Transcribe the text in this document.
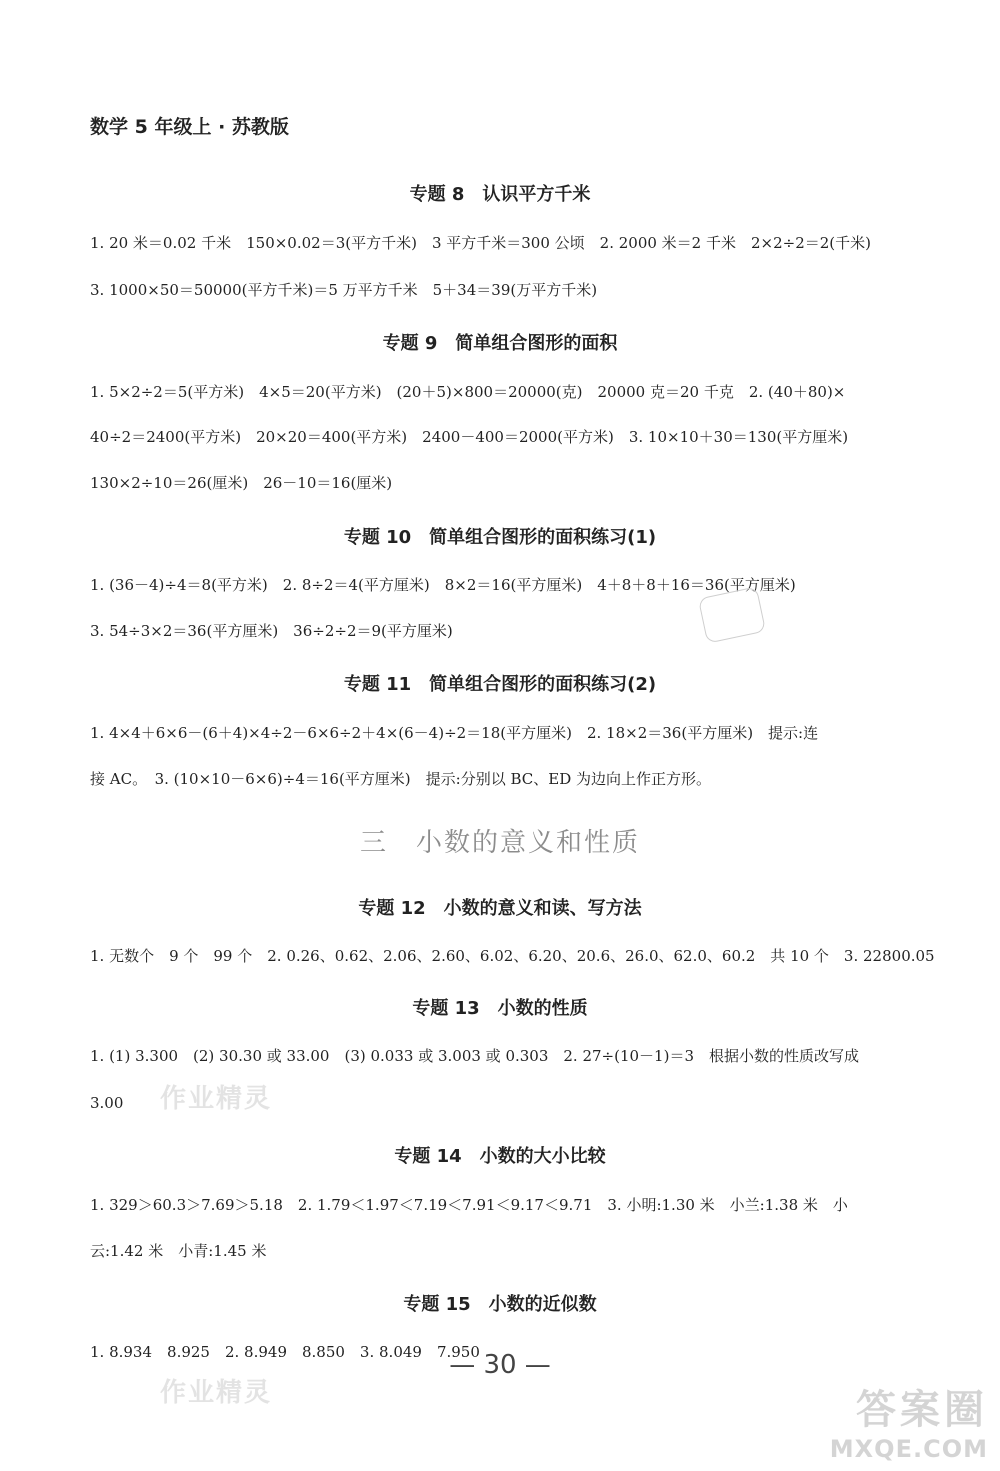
数学 5 年级上 · 苏教版
专题 8　认识平方千米
1. 20 米＝0.02 千米　150×0.02＝3(平方千米)　3 平方千米＝300 公顷　2. 2000 米＝2 千米　2×2÷2＝2(千米)
3. 1000×50＝50000(平方千米)＝5 万平方千米　5＋34＝39(万平方千米)
专题 9　简单组合图形的面积
1. 5×2÷2＝5(平方米)　4×5＝20(平方米)　(20＋5)×800＝20000(克)　20000 克＝20 千克　2. (40＋80)×
40÷2＝2400(平方米)　20×20＝400(平方米)　2400－400＝2000(平方米)　3. 10×10＋30＝130(平方厘米)
130×2÷10＝26(厘米)　26－10＝16(厘米)
专题 10　简单组合图形的面积练习(1)
1. (36－4)÷4＝8(平方米)　2. 8÷2＝4(平方厘米)　8×2＝16(平方厘米)　4＋8＋8＋16＝36(平方厘米)
3. 54÷3×2＝36(平方厘米)　36÷2÷2＝9(平方厘米)
专题 11　简单组合图形的面积练习(2)
1. 4×4＋6×6－(6＋4)×4÷2－6×6÷2＋4×(6－4)÷2＝18(平方厘米)　2. 18×2＝36(平方厘米)　提示:连
接 AC。　3. (10×10－6×6)÷4＝16(平方厘米)　提示:分别以 BC、ED 为边向上作正方形。
三　小数的意义和性质
专题 12　小数的意义和读、写方法
1. 无数个　9 个　99 个　2. 0.26、0.62、2.06、2.60、6.02、6.20、20.6、26.0、62.0、60.2　共 10 个　3. 22800.05
专题 13　小数的性质
1. (1) 3.300　(2) 30.30 或 33.00　(3) 0.033 或 3.003 或 0.303　2. 27÷(10－1)＝3　根据小数的性质改写成
3.00	作业精灵
专题 14　小数的大小比较
1. 329＞60.3＞7.69＞5.18　2. 1.79＜1.97＜7.19＜7.91＜9.17＜9.71　3. 小明:1.30 米　小兰:1.38 米　小
云:1.42 米　小青:1.45 米
专题 15　小数的近似数
1. 8.934　8.925　2. 8.949　8.850　3. 8.049　7.950
作业精灵
— 30 —
答案圈
MXQE.COM
